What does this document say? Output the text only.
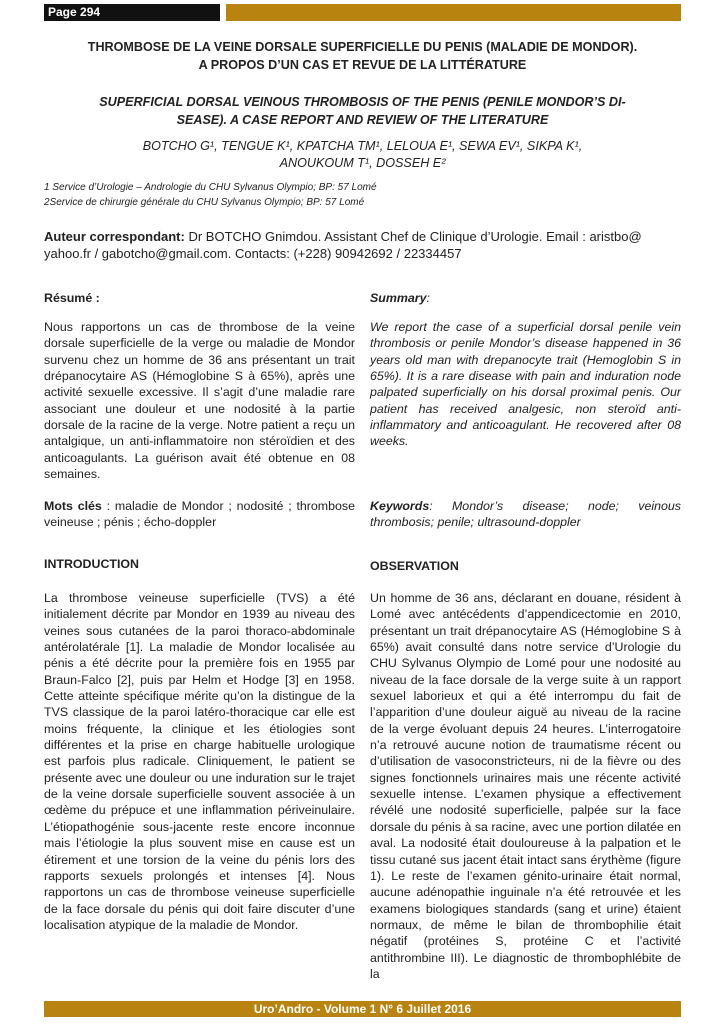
Page 294
THROMBOSE DE LA VEINE DORSALE SUPERFICIELLE DU PENIS (MALADIE DE MONDOR).
A PROPOS D’UN CAS ET REVUE DE LA LITTÉRATURE
SUPERFICIAL DORSAL VEINOUS THROMBOSIS OF THE PENIS (PENILE MONDOR’S DI-
SEASE). A CASE REPORT AND REVIEW OF THE LITERATURE
BOTCHO G¹, TENGUE K¹, KPATCHA TM¹, LELOUA E¹, SEWA EV¹, SIKPA K¹,
ANOUKOUM T¹, DOSSEH E²
1 Service d’Urologie – Andrologie du CHU Sylvanus Olympio; BP: 57 Lomé
2Service de chirurgie générale du CHU Sylvanus Olympio; BP: 57 Lomé
Auteur correspondant: Dr BOTCHO Gnimdou. Assistant Chef de Clinique d’Urologie. Email : aristbo@ yahoo.fr / gabotcho@gmail.com. Contacts: (+228) 90942692 / 22334457
Résumé :
Nous rapportons un cas de thrombose de la veine dorsale superficielle de la verge ou maladie de Mondor survenu chez un homme de 36 ans présentant un trait drépanocytaire AS (Hémoglobine S à 65%), après une activité sexuelle excessive. Il s’agit d’une maladie rare associant une douleur et une nodosité à la partie dorsale de la racine de la verge. Notre patient a reçu un antalgique, un anti-inflammatoire non stéroïdien et des anticoagulants. La guérison avait été obtenue en 08 semaines.
Mots clés : maladie de Mondor ; nodosité ; thrombose veineuse ; pénis ; écho-doppler
Summary:
We report the case of a superficial dorsal penile vein thrombosis or penile Mondor’s disease happened in 36 years old man with drepanocyte trait (Hemoglobin S in 65%). It is a rare disease with pain and induration node palpated superficially on his dorsal proximal penis. Our patient has received analgesic, non steroïd anti-inflammatory and anticoagulant. He recovered after 08 weeks.
Keywords: Mondor’s disease; node; veinous thrombosis; penile; ultrasound-doppler
INTRODUCTION
La thrombose veineuse superficielle (TVS) a été initialement décrite par Mondor en 1939 au niveau des veines sous cutanées de la paroi thoraco-abdominale antérolatérale [1]. La maladie de Mondor localisée au pénis a été décrite pour la première fois en 1955 par Braun-Falco [2], puis par Helm et Hodge [3] en 1958. Cette atteinte spécifique mérite qu’on la distingue de la TVS classique de la paroi latéro-thoracique car elle est moins fréquente, la clinique et les étiologies sont différentes et la prise en charge habituelle urologique est parfois plus radicale. Cliniquement, le patient se présente avec une douleur ou une induration sur le trajet de la veine dorsale superficielle souvent associée à un œdème du prépuce et une inflammation périveinulaire. L’étiopathogénie sous-jacente reste encore inconnue mais l’étiologie la plus souvent mise en cause est un étirement et une torsion de la veine du pénis lors des rapports sexuels prolongés et intenses [4]. Nous rapportons un cas de thrombose veineuse superficielle de la face dorsale du pénis qui doit faire discuter d’une localisation atypique de la maladie de Mondor.
OBSERVATION
Un homme de 36 ans, déclarant en douane, résident à Lomé avec antécédents d’appendicectomie en 2010, présentant un trait drépanocytaire AS (Hémoglobine S à 65%) avait consulté dans notre service d’Urologie du CHU Sylvanus Olympio de Lomé pour une nodosité au niveau de la face dorsale de la verge suite à un rapport sexuel laborieux et qui a été interrompu du fait de l’apparition d’une douleur aiguë au niveau de la racine de la verge évoluant depuis 24 heures. L’interrogatoire n’a retrouvé aucune notion de traumatisme récent ou d’utilisation de vasoconstricteurs, ni de la fièvre ou des signes fonctionnels urinaires mais une récente activité sexuelle intense. L’examen physique a effectivement révélé une nodosité superficielle, palpée sur la face dorsale du pénis à sa racine, avec une portion dilatée en aval. La nodosité était douloureuse à la palpation et le tissu cutané sus jacent était intact sans érythème (figure 1). Le reste de l’examen génito-urinaire était normal, aucune adénopathie inguinale n’a été retrouvée et les examens biologiques standards (sang et urine) étaient normaux, de même le bilan de thrombophilie était négatif (protéines S, protéine C et l’activité antithrombine III). Le diagnostic de thrombophlébite de la
Uro’Andro - Volume 1 N° 6 Juillet 2016
